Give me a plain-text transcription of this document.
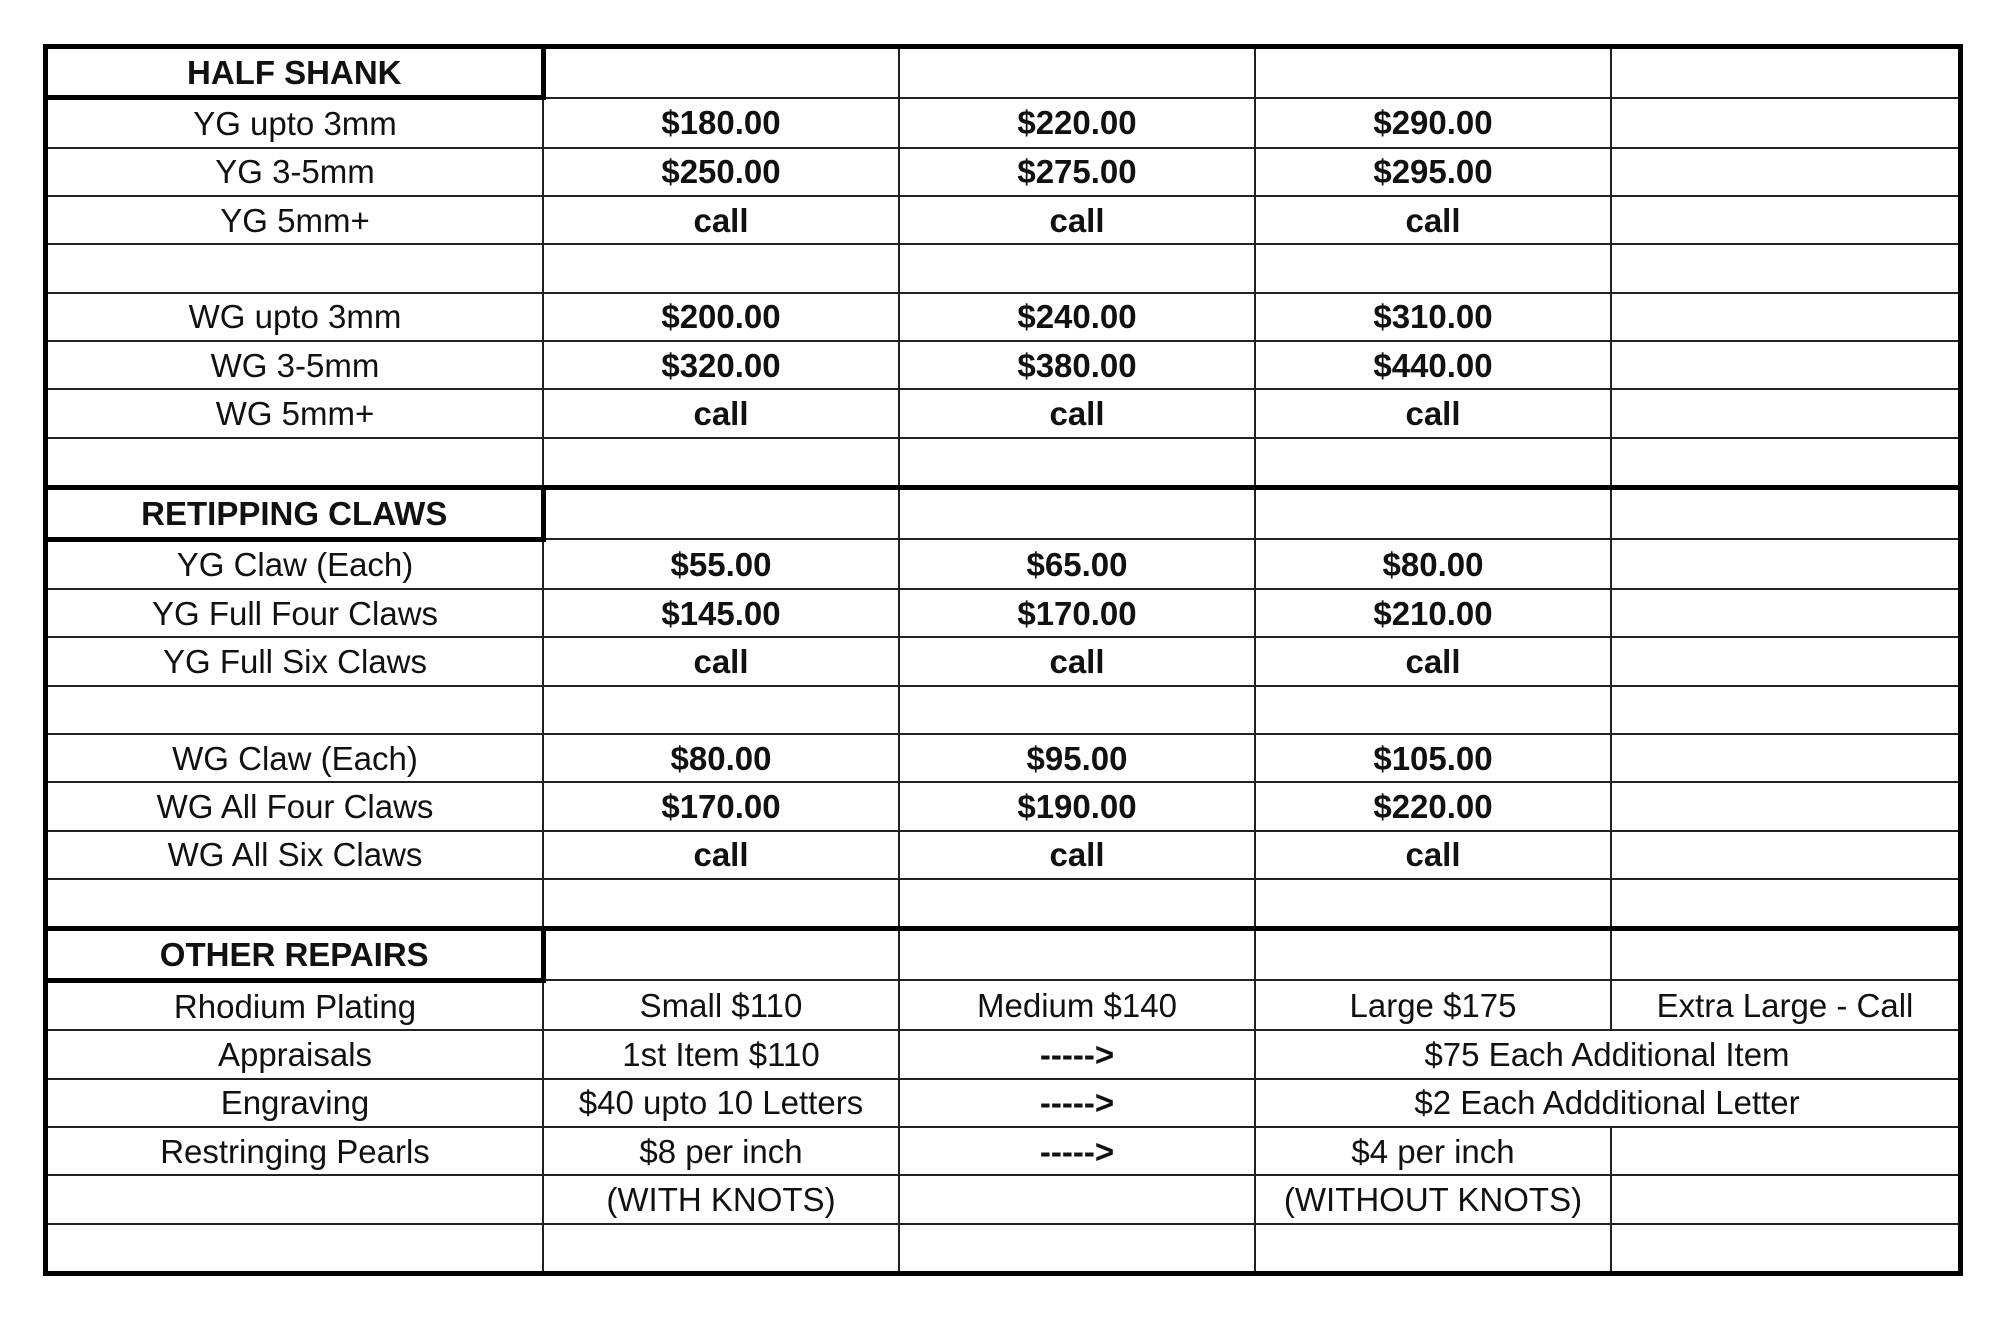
HALF SHANK				
YG upto 3mm	$180.00	$220.00	$290.00	
YG 3-5mm	$250.00	$275.00	$295.00	
YG 5mm+	call	call	call	

WG upto 3mm	$200.00	$240.00	$310.00	
WG 3-5mm	$320.00	$380.00	$440.00	
WG 5mm+	call	call	call	

RETIPPING CLAWS				
YG Claw (Each)	$55.00	$65.00	$80.00	
YG Full Four Claws	$145.00	$170.00	$210.00	
YG Full Six Claws	call	call	call	

WG Claw (Each)	$80.00	$95.00	$105.00	
WG All Four Claws	$170.00	$190.00	$220.00	
WG All Six Claws	call	call	call	

OTHER REPAIRS				
Rhodium Plating	Small $110	Medium $140	Large $175	Extra Large - Call
Appraisals	1st Item $110	----->	$75 Each Additional Item	
Engraving	$40 upto 10 Letters	----->	$2 Each Addditional Letter	
Restringing Pearls	$8 per inch	----->	$4 per inch	
	(WITH KNOTS)		(WITHOUT KNOTS)	
